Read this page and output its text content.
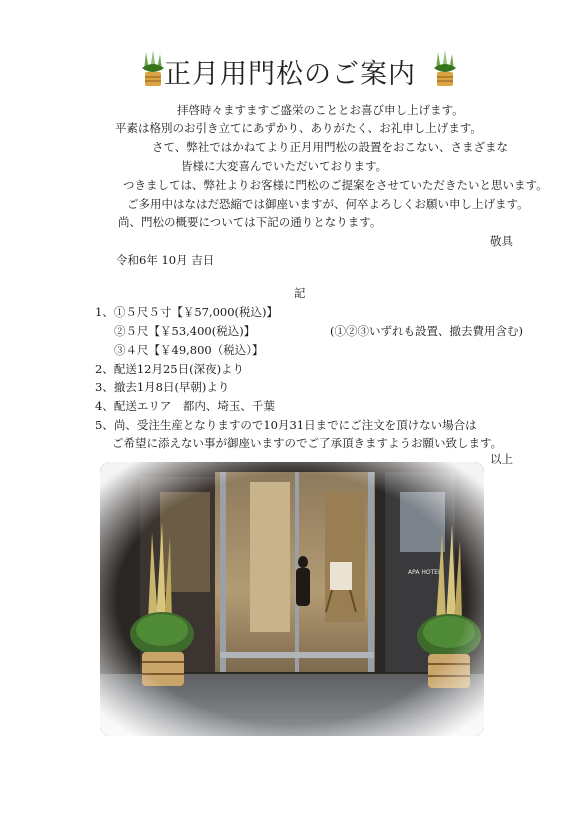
正月用門松のご案内
拝啓時々ますますご盛栄のこととお喜び申し上げます。
平素は格別のお引き立てにあずかり、ありがたく、お礼申し上げます。
さて、弊社ではかねてより正月用門松の設置をおこない、さまざまな
皆様に大変喜んでいただいております。
つきましては、弊社よりお客様に門松のご提案をさせていただきたいと思います。
ご多用中はなはだ恐縮では御座いますが、何卒よろしくお願い申し上げます。
尚、門松の概要については下記の通りとなります。
敬具
令和6年 10月 吉日
記
1、①５尺５寸【￥57,000(税込)】
②５尺【￥53,400(税込)】	(①②③いずれも設置、撤去費用含む)
③４尺【￥49,800（税込）】
2、配送12月25日(深夜)より
3、撤去1月8日(早朝)より
4、配送エリア　都内、埼玉、千葉
5、尚、受注生産となりますので10月31日までにご注文を頂けない場合は
ご希望に添えない事が御座いますのでご了承頂きますようお願い致します。
以上
